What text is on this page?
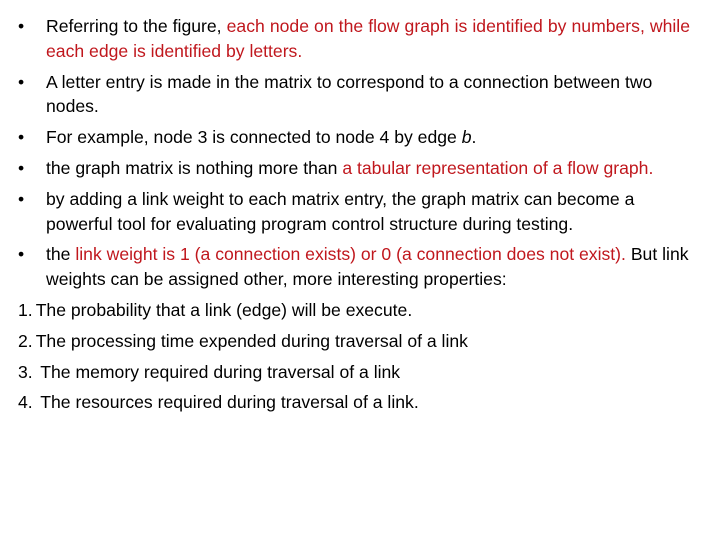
• Referring to the figure, each node on the flow graph is identified by numbers, while each edge is identified by letters.
• A letter entry is made in the matrix to correspond to a connection between two nodes.
• For example, node 3 is connected to node 4 by edge b.
• the graph matrix is nothing more than a tabular representation of a flow graph.
• by adding a link weight to each matrix entry, the graph matrix can become a powerful tool for evaluating program control structure during testing.
• the link weight is 1 (a connection exists) or 0 (a connection does not exist). But link weights can be assigned other, more interesting properties:
1. The probability that a link (edge) will be execute.
2. The processing time expended during traversal of a link
3. The memory required during traversal of a link
4. The resources required during traversal of a link.
